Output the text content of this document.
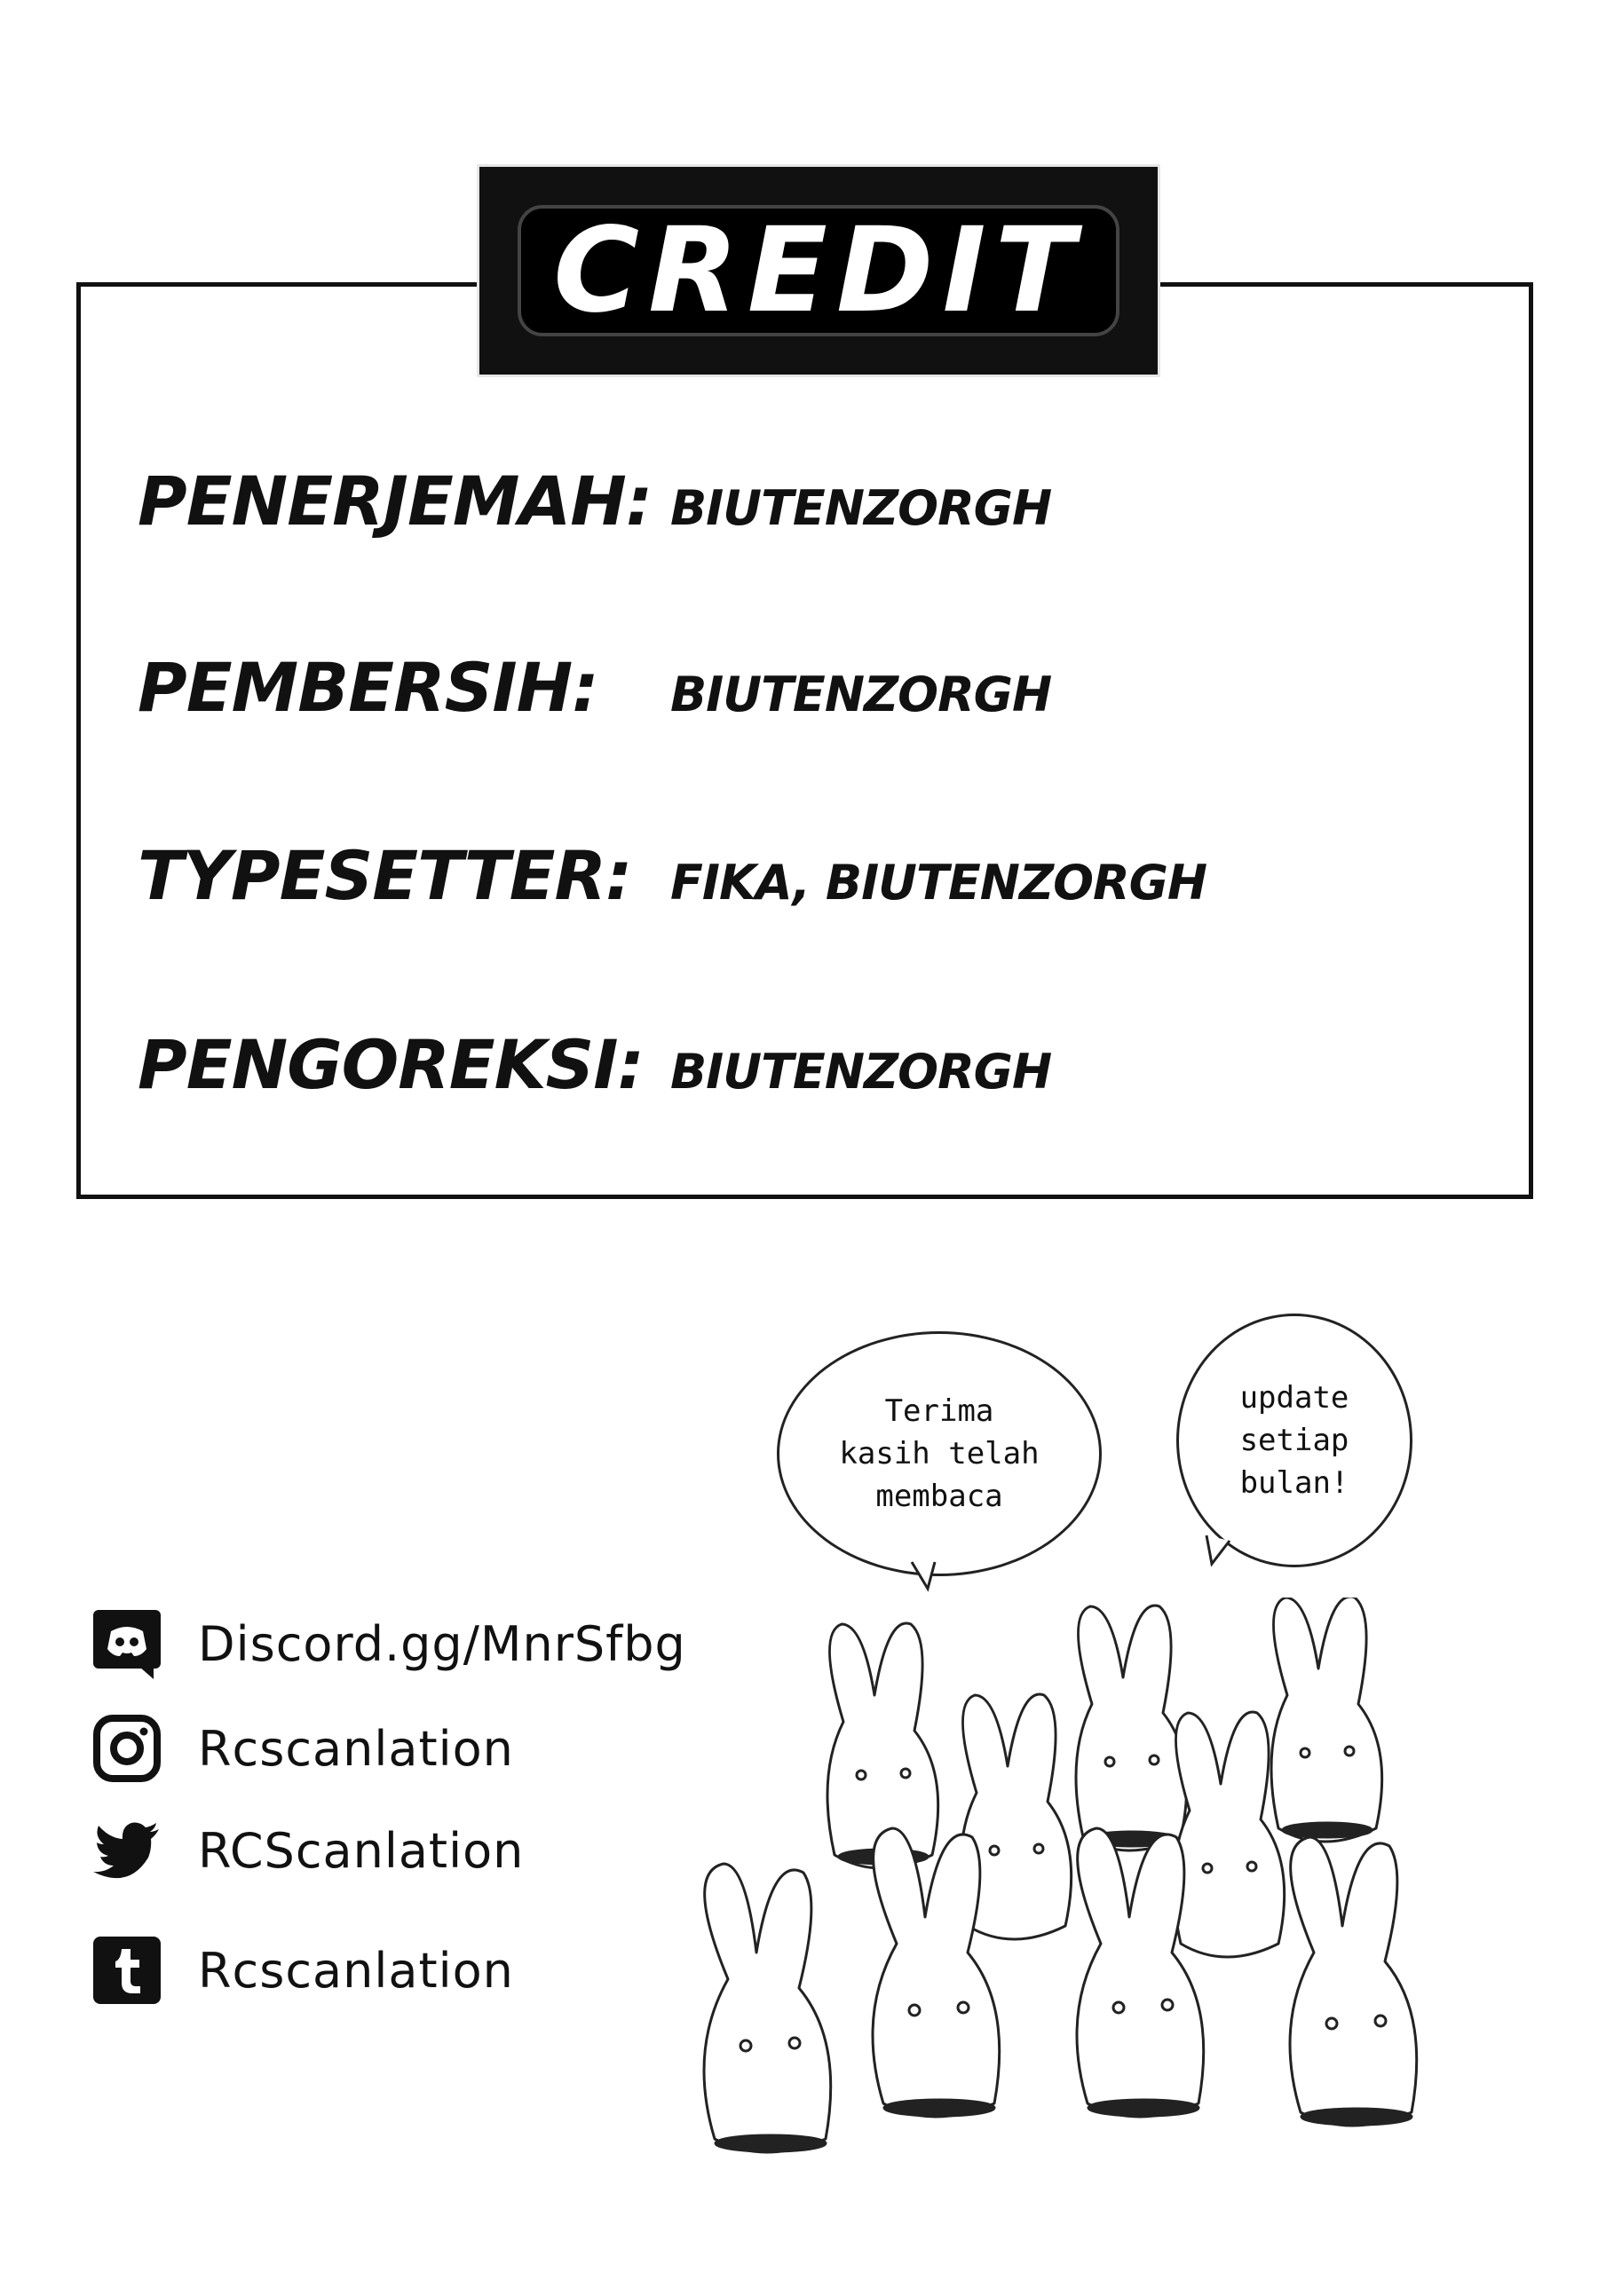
CREDIT
PENERJEMAH: BIUTENZORGH
PEMBERSIH:	BIUTENZORGH
TYPESETTER: FIKA, BIUTENZORGH
PENGOREKSI: BIUTENZORGH
Discord.gg/MnrSfbg
Rcscanlation
RCScanlation
Rcscanlation
Terima
kasih telah
membaca
update
setiap
bulan!
